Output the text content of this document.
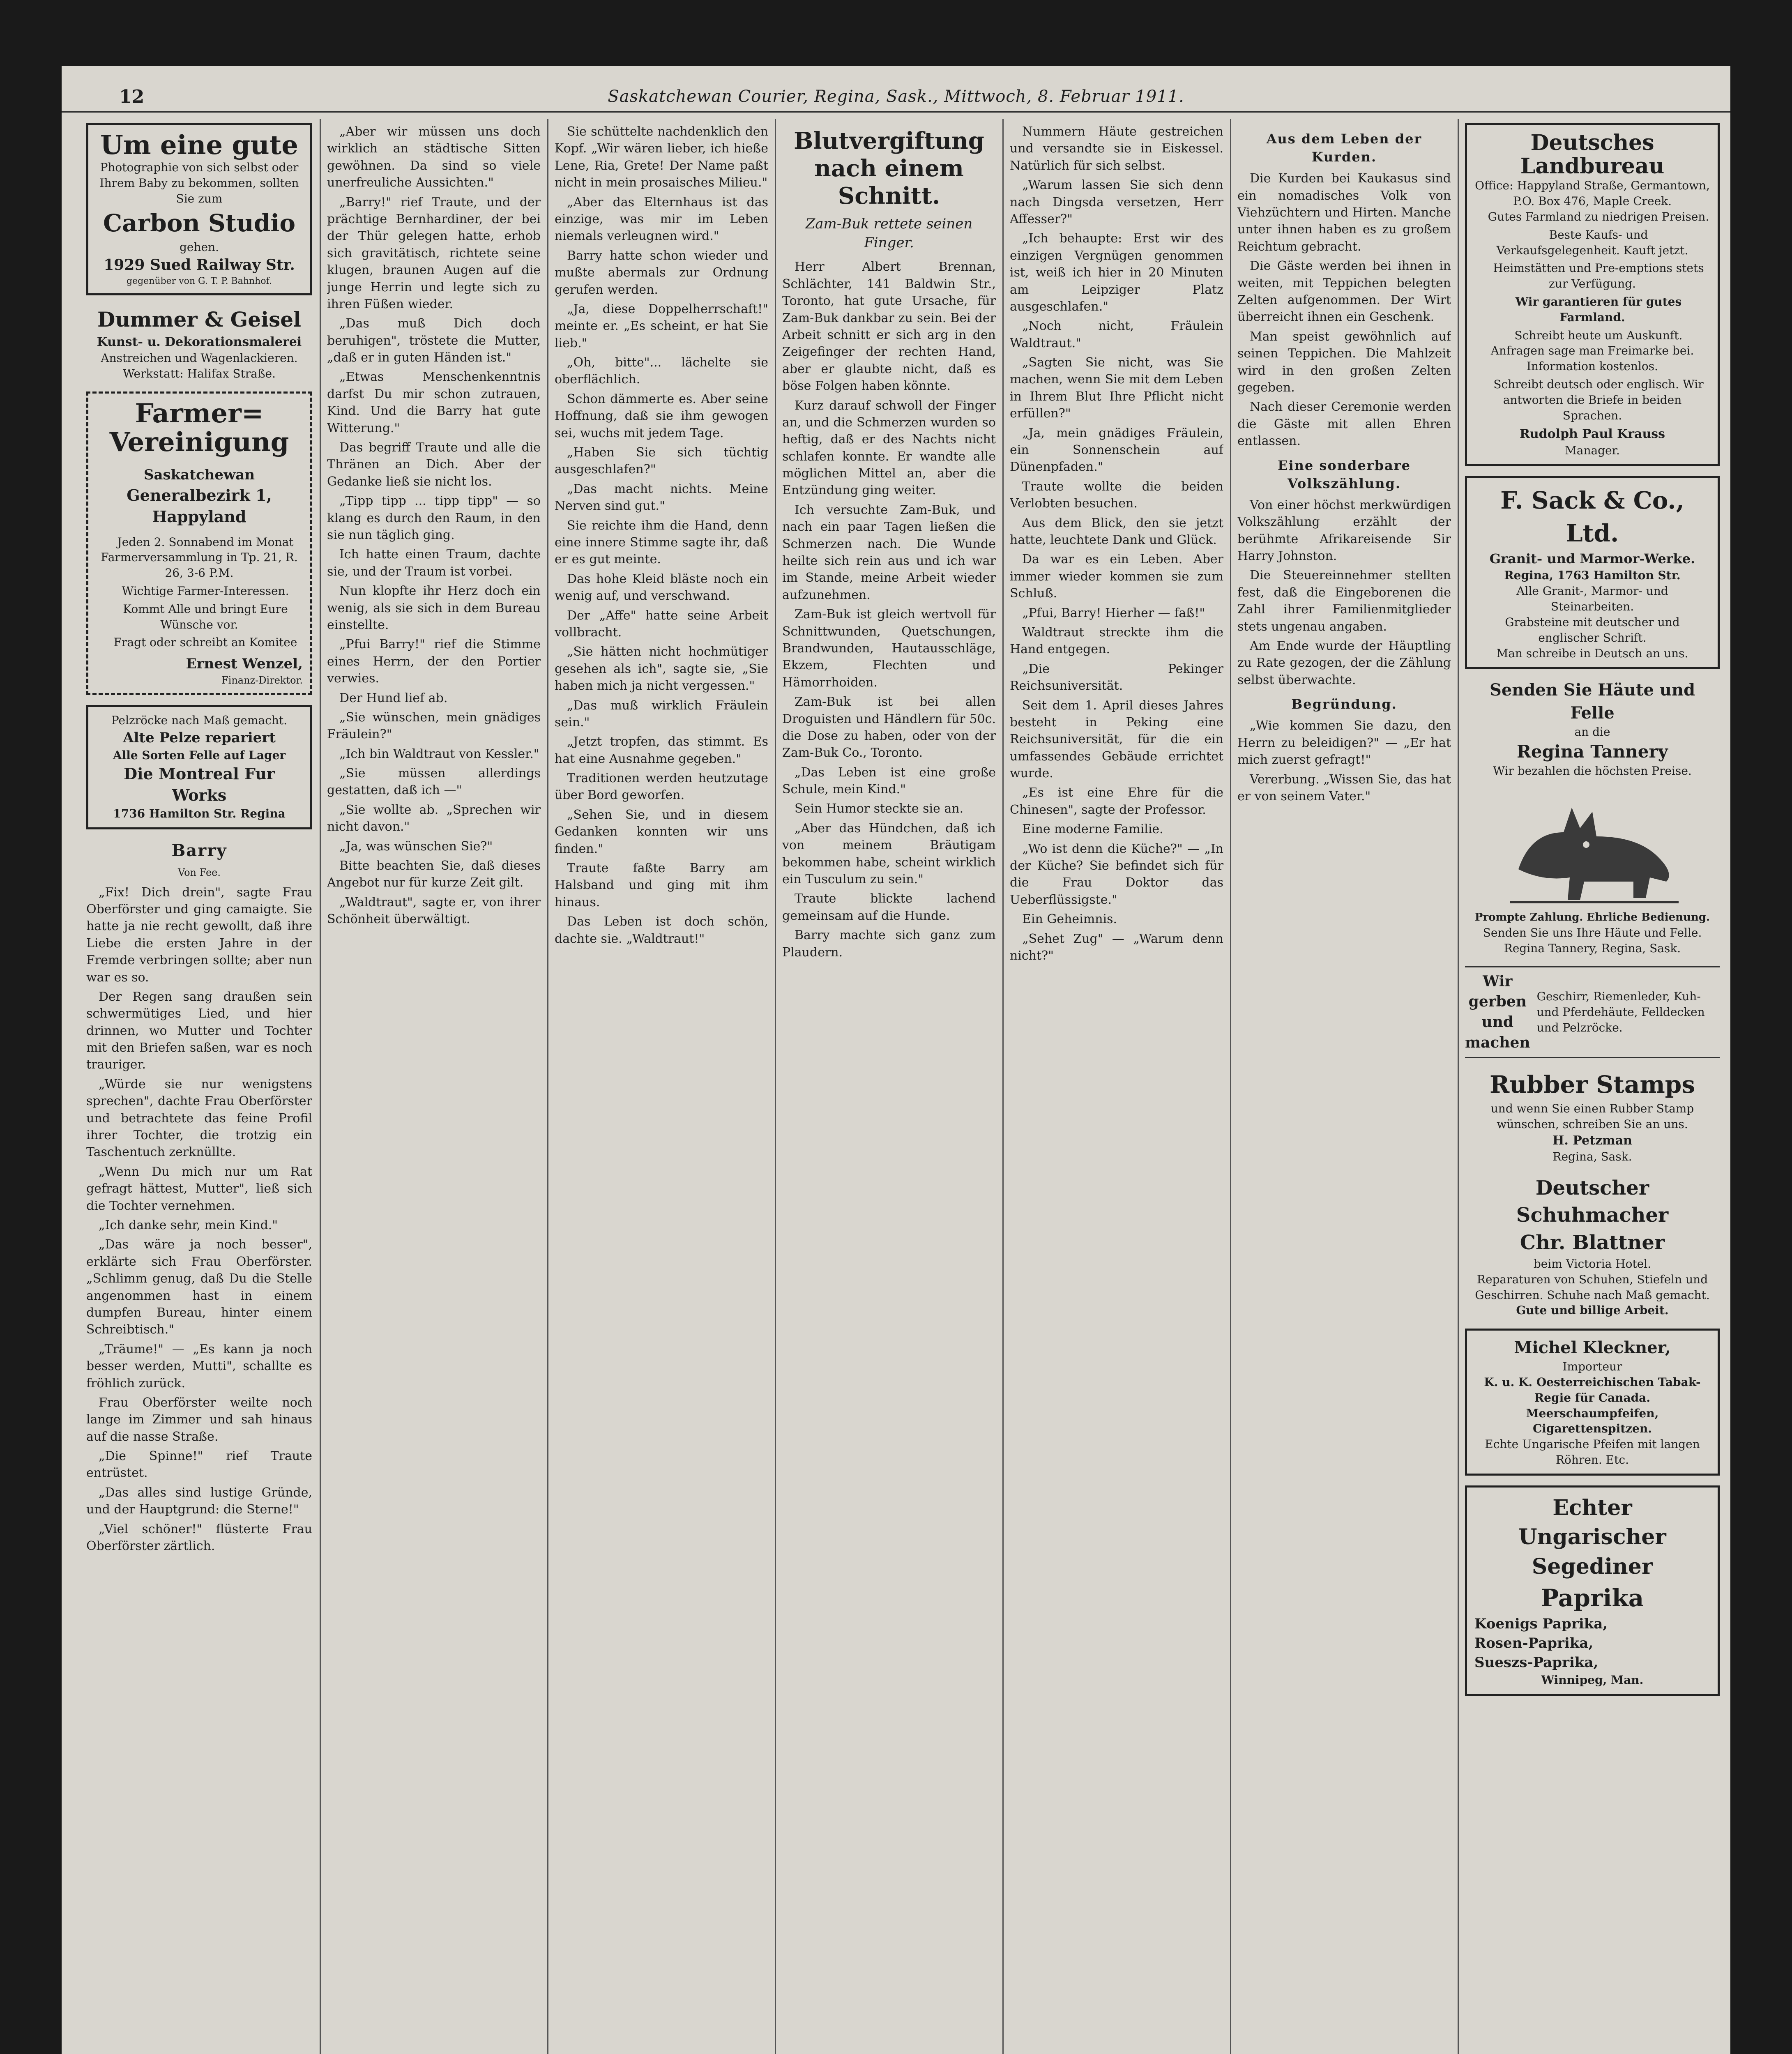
12	Saskatchewan Courier, Regina, Sask., Mittwoch, 8. Februar 1911.
Um eine gute
Photographie von sich selbst oder Ihrem Baby zu bekommen, sollten Sie zum
Carbon Studio
gehen.
1929 Sued Railway Str.
gegenüber von G. T. P. Bahnhof.
Dummer & Geisel
Kunst- u. Dekorationsmalerei
Anstreichen und Wagenlackieren.
Werkstatt: Halifax Straße.
Farmer=
Vereinigung
Saskatchewan
Generalbezirk 1, Happyland

Jeden 2. Sonnabend im Monat Farmerversammlung in Tp. 21, R. 26, 3-6 P.M.

Wichtige Farmer-Interessen.

Kommt Alle und bringt Eure Wünsche vor.

Fragt oder schreibt an Komitee

Ernest Wenzel,
Finanz-Direktor.
Pelzröcke nach Maß gemacht.
Alte Pelze repariert
Alle Sorten Felle auf Lager
Die Montreal Fur Works
1736 Hamilton Str. Regina
Barry
Von Fee.

„Fix! Dich drein", sagte Frau Oberförster und ging camaigte. Sie hatte ja nie recht gewollt, daß ihre Liebe die ersten Jahre in der Fremde verbringen sollte; aber nun war es so.

Der Regen sang draußen sein schwermütiges Lied, und hier drinnen, wo Mutter und Tochter mit den Briefen saßen, war es noch trauriger.

„Würde sie nur wenigstens sprechen", dachte Frau Oberförster und betrachtete das feine Profil ihrer Tochter, die trotzig ein Taschentuch zerknüllte.

„Wenn Du mich nur um Rat gefragt hättest, Mutter", ließ sich die Tochter vernehmen.

„Ich danke sehr, mein Kind."

„Das wäre ja noch besser", erklärte sich Frau Oberförster. „Schlimm genug, daß Du die Stelle angenommen hast in einem dumpfen Bureau, hinter einem Schreibtisch."

„Träume!" — „Es kann ja noch besser werden, Mutti", schallte es fröhlich zurück.

Frau Oberförster weilte noch lange im Zimmer und sah hinaus auf die nasse Straße.

„Die Spinne!" rief Traute entrüstet.

„Das alles sind lustige Gründe, und der Hauptgrund: die Sterne!"

„Viel schöner!" flüsterte Frau Oberförster zärtlich.

„Aber wir müssen uns doch wirklich an städtische Sitten gewöhnen. Da sind so viele unerfreuliche Aussichten."

„Barry!" rief Traute, und der prächtige Bernhardiner, der bei der Thür gelegen hatte, erhob sich gravitätisch, richtete seine klugen, braunen Augen auf die junge Herrin und legte sich zu ihren Füßen wieder.

„Das muß Dich doch beruhigen", tröstete die Mutter, „daß er in guten Händen ist."

„Etwas Menschenkenntnis darfst Du mir schon zutrauen, Kind. Und die Barry hat gute Witterung."

Das begriff Traute und alle die Thränen an Dich. Aber der Gedanke ließ sie nicht los.

„Tipp tipp ... tipp tipp" — so klang es durch den Raum, in den sie nun täglich ging.

Ich hatte einen Traum, dachte sie, und der Traum ist vorbei.

Nun klopfte ihr Herz doch ein wenig, als sie sich in dem Bureau einstellte.

„Pfui Barry!" rief die Stimme eines Herrn, der den Portier verwies.

Der Hund lief ab.

„Sie wünschen, mein gnädiges Fräulein?"

„Ich bin Waldtraut von Kessler."

„Sie müssen allerdings gestatten, daß ich —"

„Sie wollte ab. „Sprechen wir nicht davon."

„Ja, was wünschen Sie?"

Bitte beachten Sie, daß dieses Angebot nur für kurze Zeit gilt.

„Waldtraut", sagte er, von ihrer Schönheit überwältigt.

Sie schüttelte nachdenklich den Kopf. „Wir wären lieber, ich hieße Lene, Ria, Grete! Der Name paßt nicht in mein prosaisches Milieu."

„Aber das Elternhaus ist das einzige, was mir im Leben niemals verleugnen wird."

Barry hatte schon wieder und mußte abermals zur Ordnung gerufen werden.

„Ja, diese Doppelherrschaft!" meinte er. „Es scheint, er hat Sie lieb."

„Oh, bitte"... lächelte sie oberflächlich.

Schon dämmerte es. Aber seine Hoffnung, daß sie ihm gewogen sei, wuchs mit jedem Tage.

„Haben Sie sich tüchtig ausgeschlafen?"

„Das macht nichts. Meine Nerven sind gut."

Sie reichte ihm die Hand, denn eine innere Stimme sagte ihr, daß er es gut meinte.

Das hohe Kleid bläste noch ein wenig auf, und verschwand.

Der „Affe" hatte seine Arbeit vollbracht.

„Sie hätten nicht hochmütiger gesehen als ich", sagte sie, „Sie haben mich ja nicht vergessen."

„Das muß wirklich Fräulein sein."

„Jetzt tropfen, das stimmt. Es hat eine Ausnahme gegeben."

Traditionen werden heutzutage über Bord geworfen.

„Sehen Sie, und in diesem Gedanken konnten wir uns finden."

Traute faßte Barry am Halsband und ging mit ihm hinaus.

Das Leben ist doch schön, dachte sie. „Waldtraut!"

Blutvergiftung nach einem Schnitt.
Zam-Buk rettete seinen Finger.

Herr Albert Brennan, Schlächter, 141 Baldwin Str., Toronto, hat gute Ursache, für Zam-Buk dankbar zu sein. Bei der Arbeit schnitt er sich arg in den Zeigefinger der rechten Hand, aber er glaubte nicht, daß es böse Folgen haben könnte.

Kurz darauf schwoll der Finger an, und die Schmerzen wurden so heftig, daß er des Nachts nicht schlafen konnte. Er wandte alle möglichen Mittel an, aber die Entzündung ging weiter.

Ich versuchte Zam-Buk, und nach ein paar Tagen ließen die Schmerzen nach. Die Wunde heilte sich rein aus und ich war im Stande, meine Arbeit wieder aufzunehmen.

Zam-Buk ist gleich wertvoll für Schnittwunden, Quetschungen, Brandwunden, Hautausschläge, Ekzem, Flechten und Hämorrhoiden.

Zam-Buk ist bei allen Droguisten und Händlern für 50c. die Dose zu haben, oder von der Zam-Buk Co., Toronto.

„Das Leben ist eine große Schule, mein Kind."

Sein Humor steckte sie an.

„Aber das Hündchen, daß ich von meinem Bräutigam bekommen habe, scheint wirklich ein Tusculum zu sein."

Traute blickte lachend gemeinsam auf die Hunde.

Barry machte sich ganz zum Plaudern.

Nummern Häute gestreichen und versandte sie in Eiskessel. Natürlich für sich selbst.

„Warum lassen Sie sich denn nach Dingsda versetzen, Herr Affesser?"

„Ich behaupte: Erst wir des einzigen Vergnügen genommen ist, weiß ich hier in 20 Minuten am Leipziger Platz ausgeschlafen."

„Noch nicht, Fräulein Waldtraut."

„Sagten Sie nicht, was Sie machen, wenn Sie mit dem Leben in Ihrem Blut Ihre Pflicht nicht erfüllen?"

„Ja, mein gnädiges Fräulein, ein Sonnenschein auf Dünenpfaden."

Traute wollte die beiden Verlobten besuchen.

Aus dem Blick, den sie jetzt hatte, leuchtete Dank und Glück.

Da war es ein Leben. Aber immer wieder kommen sie zum Schluß.

„Pfui, Barry! Hierher — faß!"

Waldtraut streckte ihm die Hand entgegen.

„Die Pekinger Reichsuniversität.

Seit dem 1. April dieses Jahres besteht in Peking eine Reichsuniversität, für die ein umfassendes Gebäude errichtet wurde.

„Es ist eine Ehre für die Chinesen", sagte der Professor.

Eine moderne Familie.

„Wo ist denn die Küche?" — „In der Küche? Sie befindet sich für die Frau Doktor das Ueberflüssigste."

Ein Geheimnis.

„Sehet Zug" — „Warum denn nicht?"

Aus dem Leben der Kurden.

Die Kurden bei Kaukasus sind ein nomadisches Volk von Viehzüchtern und Hirten. Manche unter ihnen haben es zu großem Reichtum gebracht.

Die Gäste werden bei ihnen in weiten, mit Teppichen belegten Zelten aufgenommen. Der Wirt überreicht ihnen ein Geschenk.

Man speist gewöhnlich auf seinen Teppichen. Die Mahlzeit wird in den großen Zelten gegeben.

Nach dieser Ceremonie werden die Gäste mit allen Ehren entlassen.

Eine sonderbare Volkszählung.

Von einer höchst merkwürdigen Volkszählung erzählt der berühmte Afrikareisende Sir Harry Johnston.

Die Steuereinnehmer stellten fest, daß die Eingeborenen die Zahl ihrer Familienmitglieder stets ungenau angaben.

Am Ende wurde der Häuptling zu Rate gezogen, der die Zählung selbst überwachte.

Begründung.

„Wie kommen Sie dazu, den Herrn zu beleidigen?" — „Er hat mich zuerst gefragt!"

Vererbung. „Wissen Sie, das hat er von seinem Vater."

Deutsches Landbureau
Office: Happyland Straße, Germantown, P.O. Box 476, Maple Creek.

Gutes Farmland zu niedrigen Preisen.

Beste Kaufs- und Verkaufsgelegenheit. Kauft jetzt.

Heimstätten und Pre-emptions stets zur Verfügung.

Wir garantieren für gutes Farmland.

Schreibt heute um Auskunft. Anfragen sage man Freimarke bei. Information kostenlos.

Schreibt deutsch oder englisch. Wir antworten die Briefe in beiden Sprachen.

Rudolph Paul Krauss
Manager.
F. Sack & Co., Ltd.
Granit- und Marmor-Werke.
Regina, 1763 Hamilton Str.
Alle Granit-, Marmor- und Steinarbeiten.
Grabsteine mit deutscher und englischer Schrift.
Man schreibe in Deutsch an uns.
Senden Sie Häute und Felle
an die
Regina Tannery
Wir bezahlen die höchsten Preise.
Prompte Zahlung. Ehrliche Bedienung.
Senden Sie uns Ihre Häute und Felle. Regina Tannery, Regina, Sask.
Wir gerben und machen
Geschirr, Riemenleder, Kuh- und Pferdehäute, Felldecken und Pelzröcke.
Rubber Stamps
und wenn Sie einen Rubber Stamp wünschen, schreiben Sie an uns.
H. Petzman
Regina, Sask.
Deutscher Schuhmacher
Chr. Blattner
beim Victoria Hotel.
Reparaturen von Schuhen, Stiefeln und Geschirren. Schuhe nach Maß gemacht.
Gute und billige Arbeit.
Michel Kleckner,
Importeur
K. u. K. Oesterreichischen Tabak-Regie für Canada.
Meerschaumpfeifen, Cigarettenspitzen.
Echte Ungarische Pfeifen mit langen Röhren. Etc.
Echter
Ungarischer
Segediner
Paprika
Koenigs Paprika,
Rosen-Paprika,
Sueszs-Paprika,
Winnipeg, Man.
